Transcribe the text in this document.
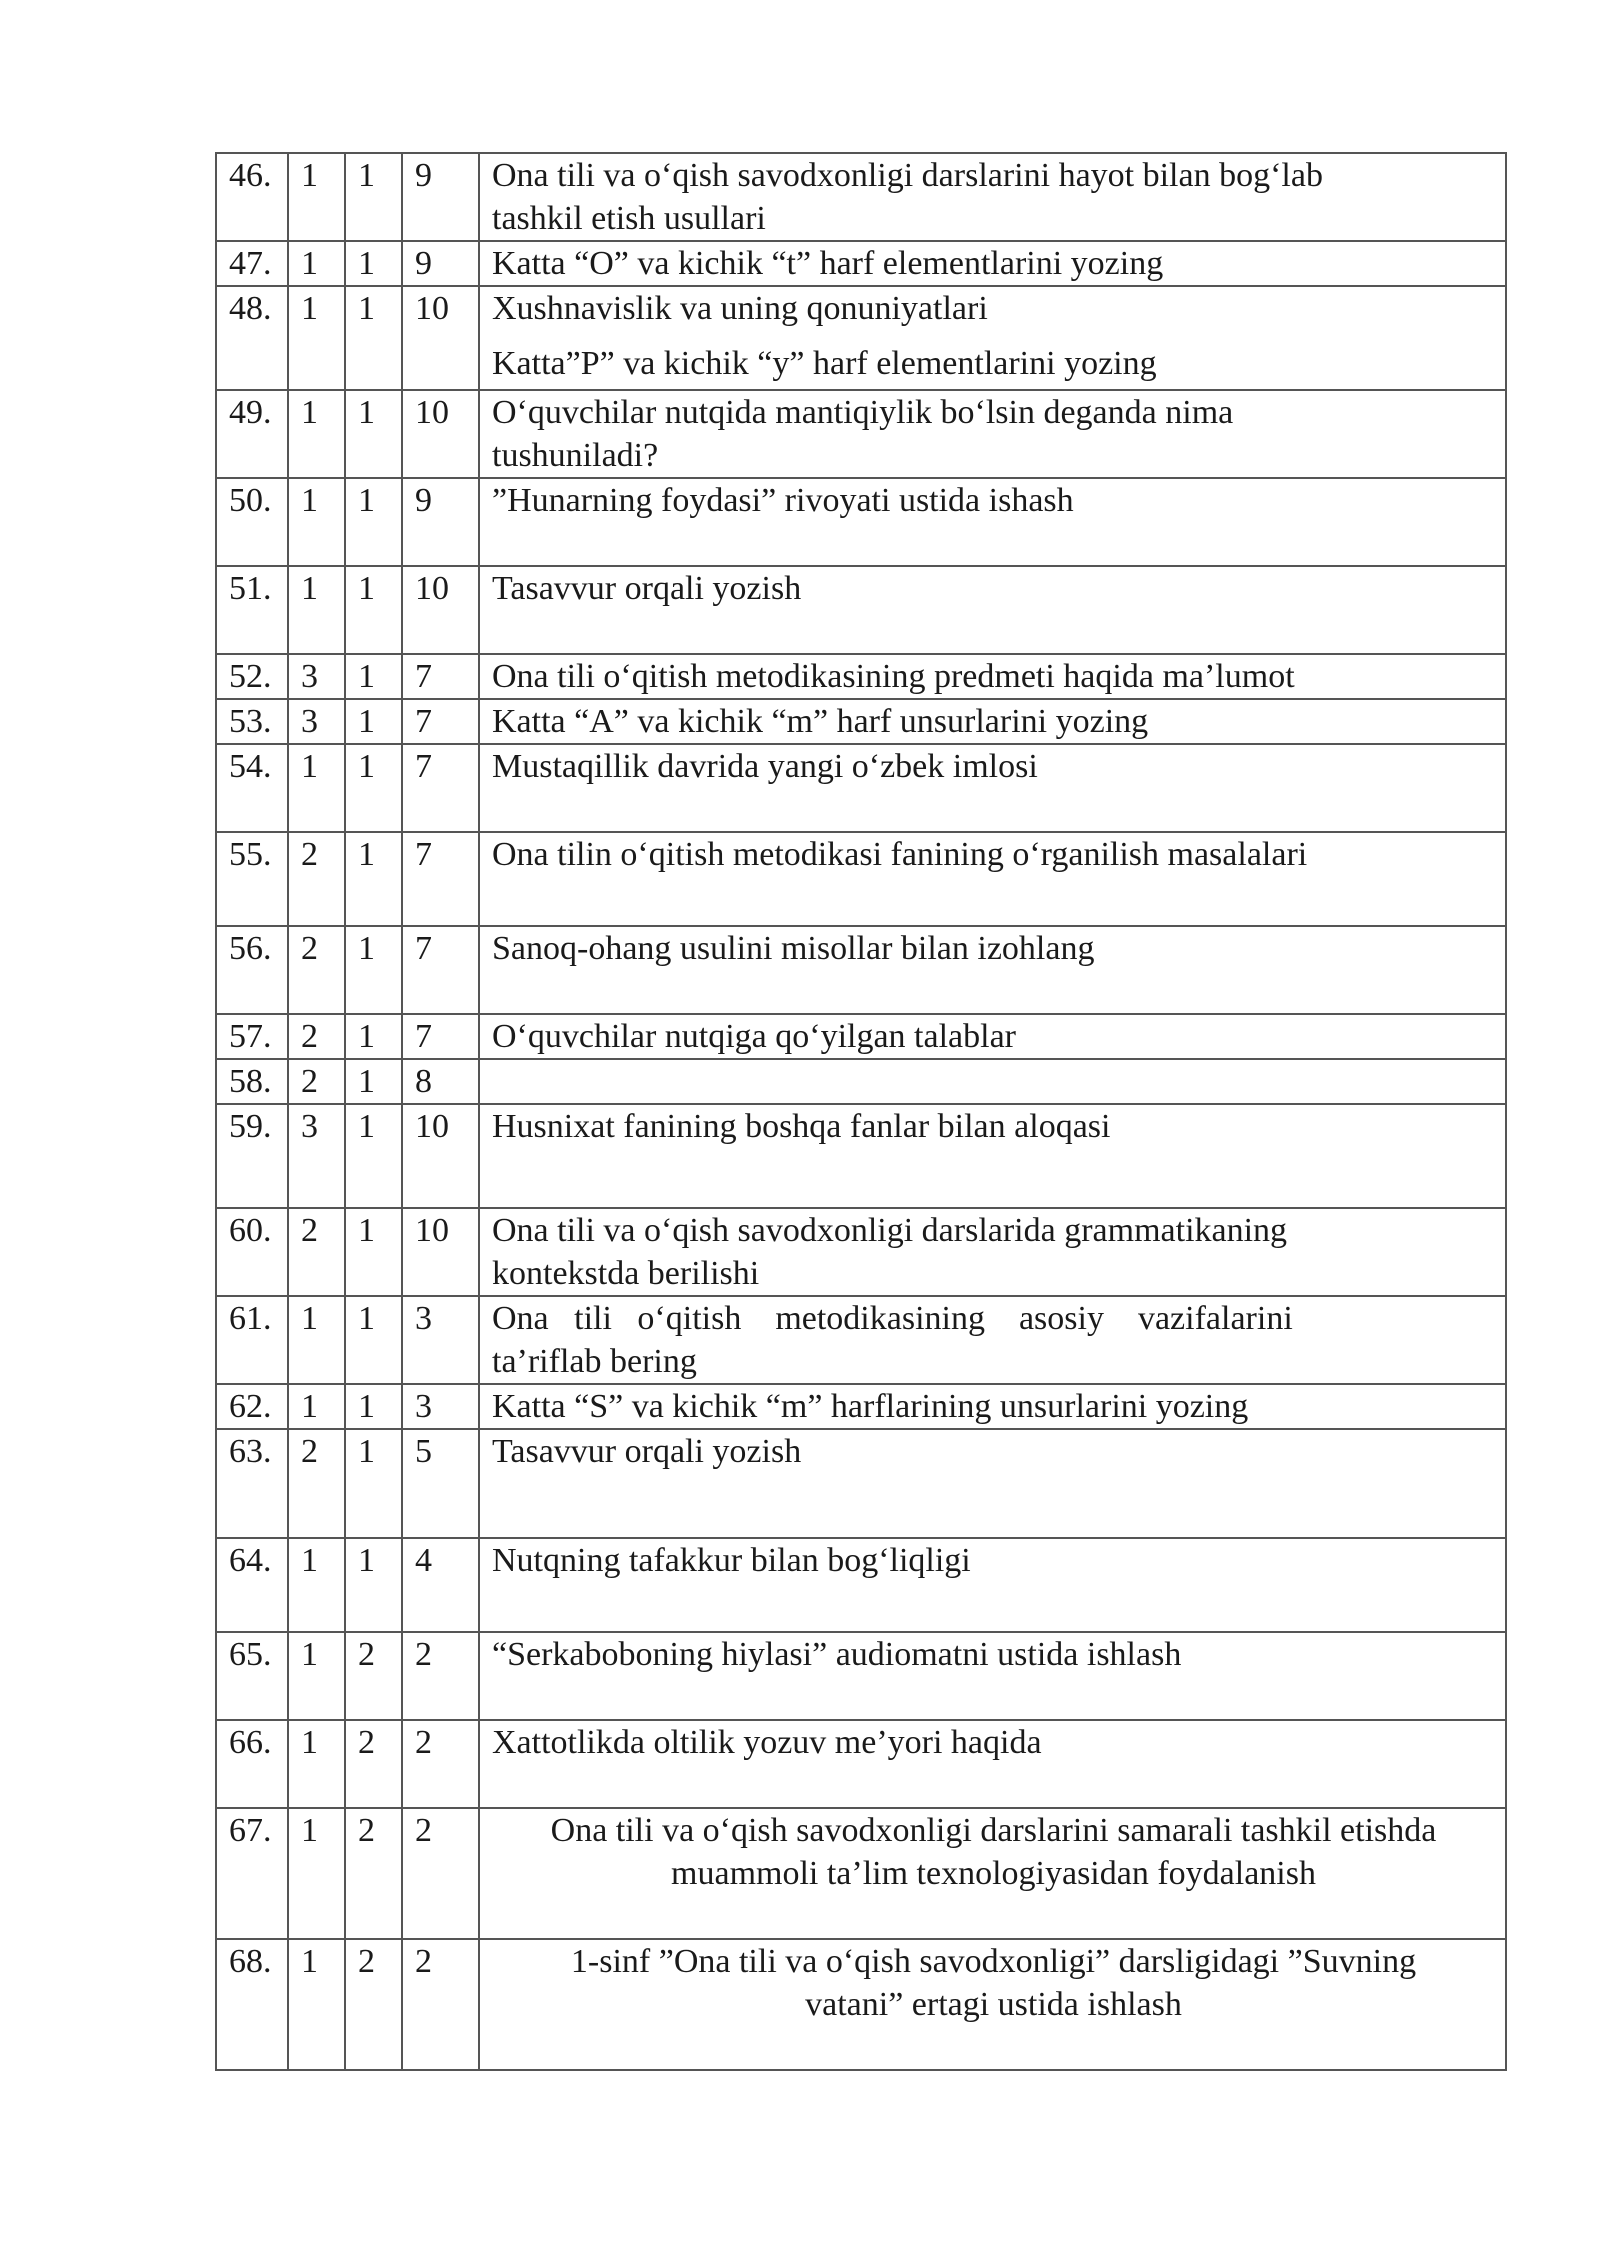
46.	1	1	9	Ona tili va o‘qish savodxonligi darslarini hayot bilan bog‘lab
tashkil etish usullari

47.	1	1	9	Katta “O” va kichik “t” harf elementlarini yozing

48.	1	1	10	Xushnavislik va uning qonuniyatlari
Katta”P” va kichik “y” harf elementlarini yozing

49.	1	1	10	O‘quvchilar nutqida mantiqiylik bo‘lsin deganda nima
tushuniladi?

50.	1	1	9	”Hunarning foydasi” rivoyati ustida ishash

51.	1	1	10	Tasavvur orqali yozish

52.	3	1	7	Ona tili o‘qitish metodikasining predmeti haqida ma’lumot

53.	3	1	7	Katta “A” va kichik “m” harf unsurlarini yozing

54.	1	1	7	Mustaqillik davrida yangi o‘zbek imlosi

55.	2	1	7	Ona tilin o‘qitish metodikasi fanining o‘rganilish masalalari

56.	2	1	7	Sanoq-ohang usulini misollar bilan izohlang

57.	2	1	7	O‘quvchilar nutqiga qo‘yilgan talablar

58.	2	1	8	

59.	3	1	10	Husnixat fanining boshqa fanlar bilan aloqasi

60.	2	1	10	Ona tili va o‘qish savodxonligi darslarida grammatikaning
kontekstda berilishi

61.	1	1	3	Ona   tili   o‘qitish    metodikasining    asosiy    vazifalarini
ta’riflab bering

62.	1	1	3	Katta “S” va kichik “m” harflarining unsurlarini yozing

63.	2	1	5	Tasavvur orqali yozish

64.	1	1	4	Nutqning tafakkur bilan bog‘liqligi

65.	1	2	2	“Serkaboboning hiylasi” audiomatni ustida ishlash

66.	1	2	2	Xattotlikda oltilik yozuv me’yori haqida

67.	1	2	2	Ona tili va o‘qish savodxonligi darslarini samarali tashkil etishda
muammoli ta’lim texnologiyasidan foydalanish

68.	1	2	2	1-sinf ”Ona tili va o‘qish savodxonligi” darsligidagi ”Suvning
vatani” ertagi ustida ishlash
